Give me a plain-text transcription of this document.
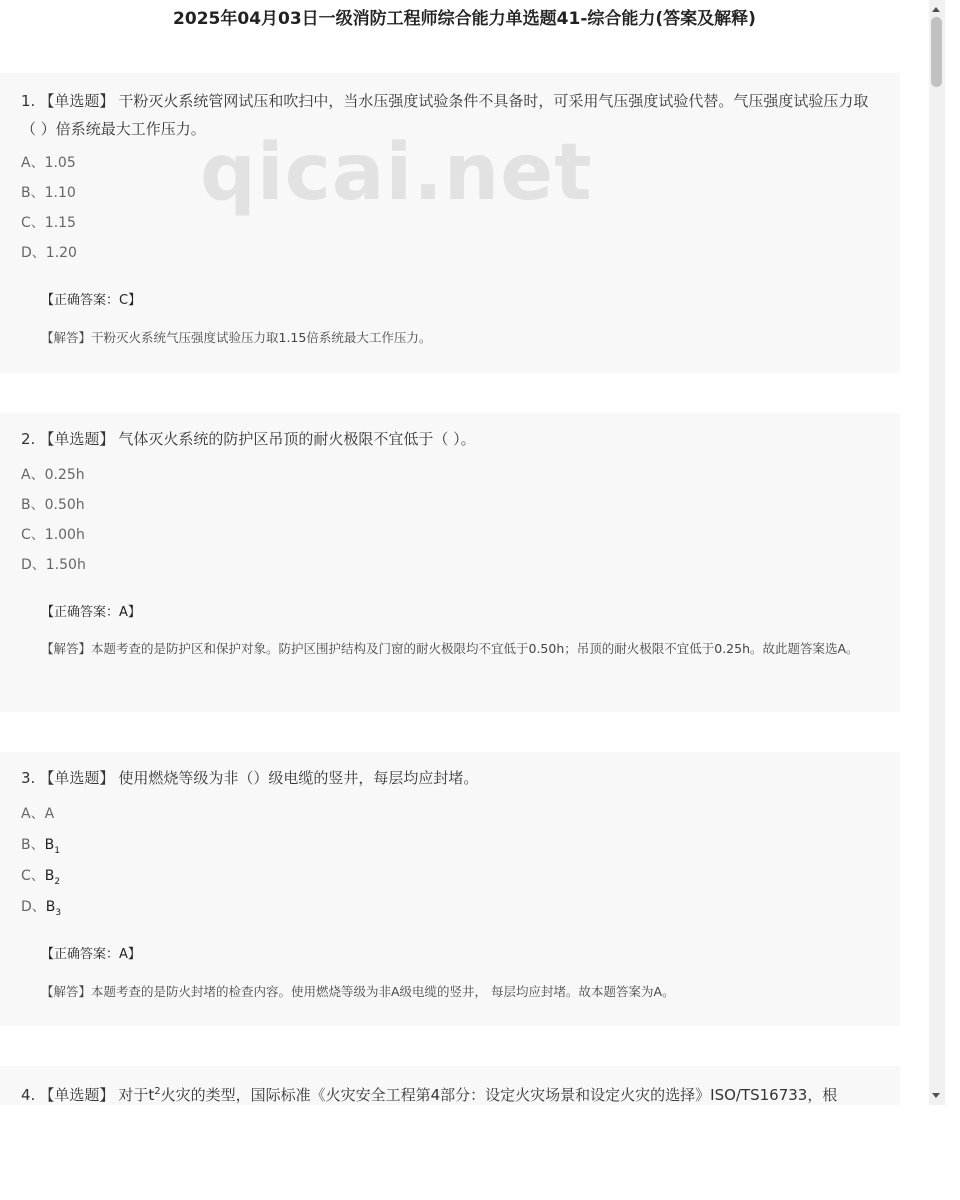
2025年04月03日一级消防工程师综合能力单选题41-综合能力(答案及解释)
1. 【单选题】 干粉灭火系统管网试压和吹扫中，当水压强度试验条件不具备时，可采用气压强度试验代替。气压强度试验压力取（ ）倍系统最大工作压力。
A、1.05
B、1.10
C、1.15
D、1.20
【正确答案：C】
【解答】干粉灭火系统气压强度试验压力取1.15倍系统最大工作压力。
2. 【单选题】 气体灭火系统的防护区吊顶的耐火极限不宜低于（ ）。
A、0.25h
B、0.50h
C、1.00h
D、1.50h
【正确答案：A】
【解答】本题考查的是防护区和保护对象。防护区围护结构及门窗的耐火极限均不宜低于0.50h；吊顶的耐火极限不宜低于0.25h。故此题答案选A。
3. 【单选题】 使用燃烧等级为非（）级电缆的竖井，每层均应封堵。
A、A
B、$B_1$
C、$B_2$
D、$B_3$
【正确答案：A】
【解答】本题考查的是防火封堵的检查内容。使用燃烧等级为非A级电缆的竖井， 每层均应封堵。故本题答案为A。
4. 【单选题】 对于$t^2$火灾的类型，国际标准《火灾安全工程第4部分：设定火灾场景和设定火灾的选择》ISO/TS16733，根
qicai.net
